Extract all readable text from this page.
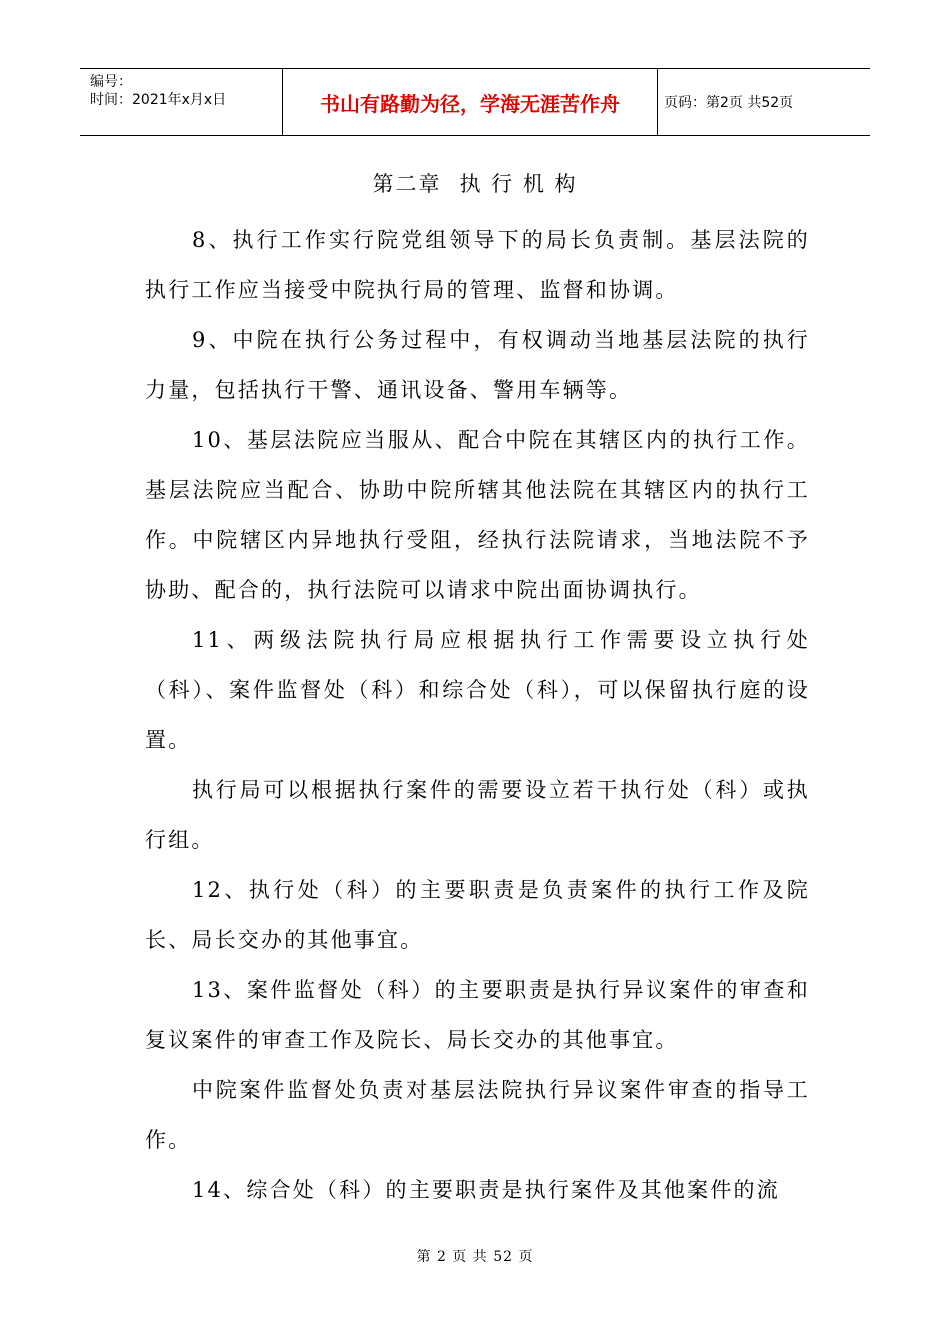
编号：
时间：2021年x月x日	书山有路勤为径，学海无涯苦作舟	页码：第2页 共52页
第二章 执 行 机 构

8、执行工作实行院党组领导下的局长负责制。基层法院的执行工作应当接受中院执行局的管理、监督和协调。

9、中院在执行公务过程中，有权调动当地基层法院的执行力量，包括执行干警、通讯设备、警用车辆等。

10、基层法院应当服从、配合中院在其辖区内的执行工作。基层法院应当配合、协助中院所辖其他法院在其辖区内的执行工作。中院辖区内异地执行受阻，经执行法院请求，当地法院不予协助、配合的，执行法院可以请求中院出面协调执行。

11、两级法院执行局应根据执行工作需要设立执行处（科）、案件监督处（科）和综合处（科），可以保留执行庭的设置。

执行局可以根据执行案件的需要设立若干执行处（科）或执行组。

12、执行处（科）的主要职责是负责案件的执行工作及院长、局长交办的其他事宜。

13、案件监督处（科）的主要职责是执行异议案件的审查和复议案件的审查工作及院长、局长交办的其他事宜。

中院案件监督处负责对基层法院执行异议案件审查的指导工作。

14、综合处（科）的主要职责是执行案件及其他案件的流

第 2 页 共 52 页
